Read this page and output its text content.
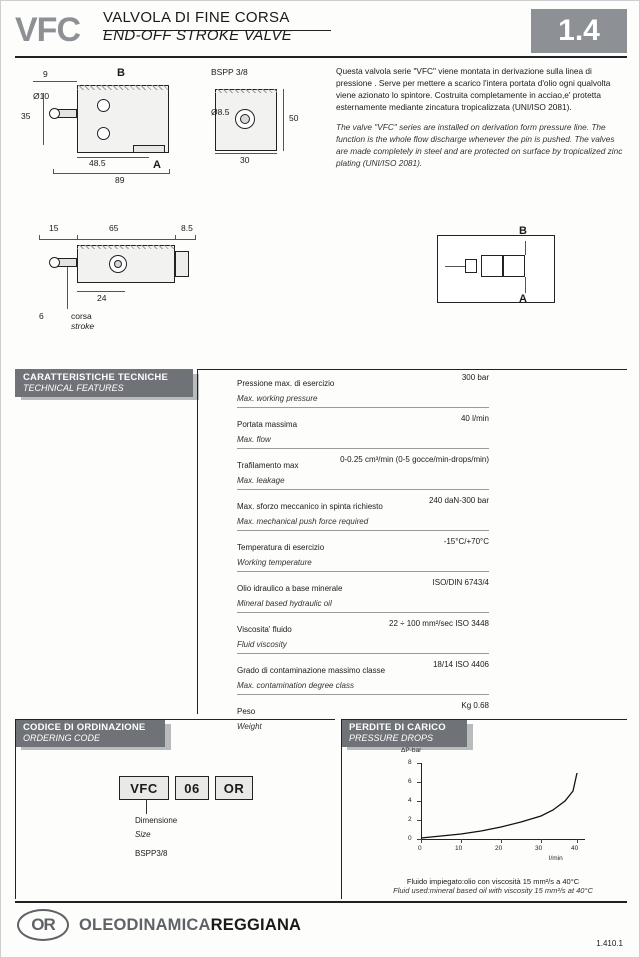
VFC VALVOLA DI FINE CORSA
END-OFF STROKE VALVE	1.4
Questa valvola serie "VFC" viene montata in derivazione sulla linea di pressione . Serve per mettere a scarico l'intera portata d'olio ogni qualvolta viene azionato lo spintore. Costruita completamente in acciao,e' protetta esternamente mediante zincatura tropicalizzata (UNI/ISO 2081).
The valve "VFC" series are installed on derivation form pressure line. The function is the whole flow discharge whenever the pin is pushed. The valves are made completely in steel and are protected on surface by tropicalized zinc plating (UNI/ISO 2081).
9
Ø10
35
B
A
48.5
89
BSPP 3/8
Ø8.5
50
30
15	65	8.5
24
6	corsa
stroke
B
A
CARATTERISTICHE TECNICHE
TECHNICAL FEATURES	Pressione max. di esercizio
300 bar
Max. working pressure
Portata massima
40 l/min
Max. flow
Trafilamento max
0-0.25 cm³/min (0-5 gocce/min-drops/min)
Max. leakage
Max. sforzo meccanico in spinta richiesto
240 daN-300 bar
Max. mechanical push force required
Temperatura di esercizio
-15°C/+70°C
Working temperature
Olio idraulico a base minerale
ISO/DIN 6743/4
Mineral based hydraulic oil
Viscosita' fluido
22 ÷ 100 mm²/sec ISO 3448
Fluid viscosity
Grado di contaminazione massimo classe
18/14 ISO 4406
Max. contamination degree class
Peso
Kg 0.68
Weight
CODICE DI ORDINAZIONE
ORDERING CODE
VFC	06	OR
Dimensione
Size
BSPP3/8
PERDITE DI CARICO
PRESSURE DROPS
0
2
4
6
8
0	10	20	30	40
ΔP-bar
l/min
Fluido impiegato:olio con viscosità 15 mm²/s a 40°C
Fluid used:mineral based oil with viscosity 15 mm²/s at 40°C
OR	OLEODINAMICAREGGIANA
1.410.1
